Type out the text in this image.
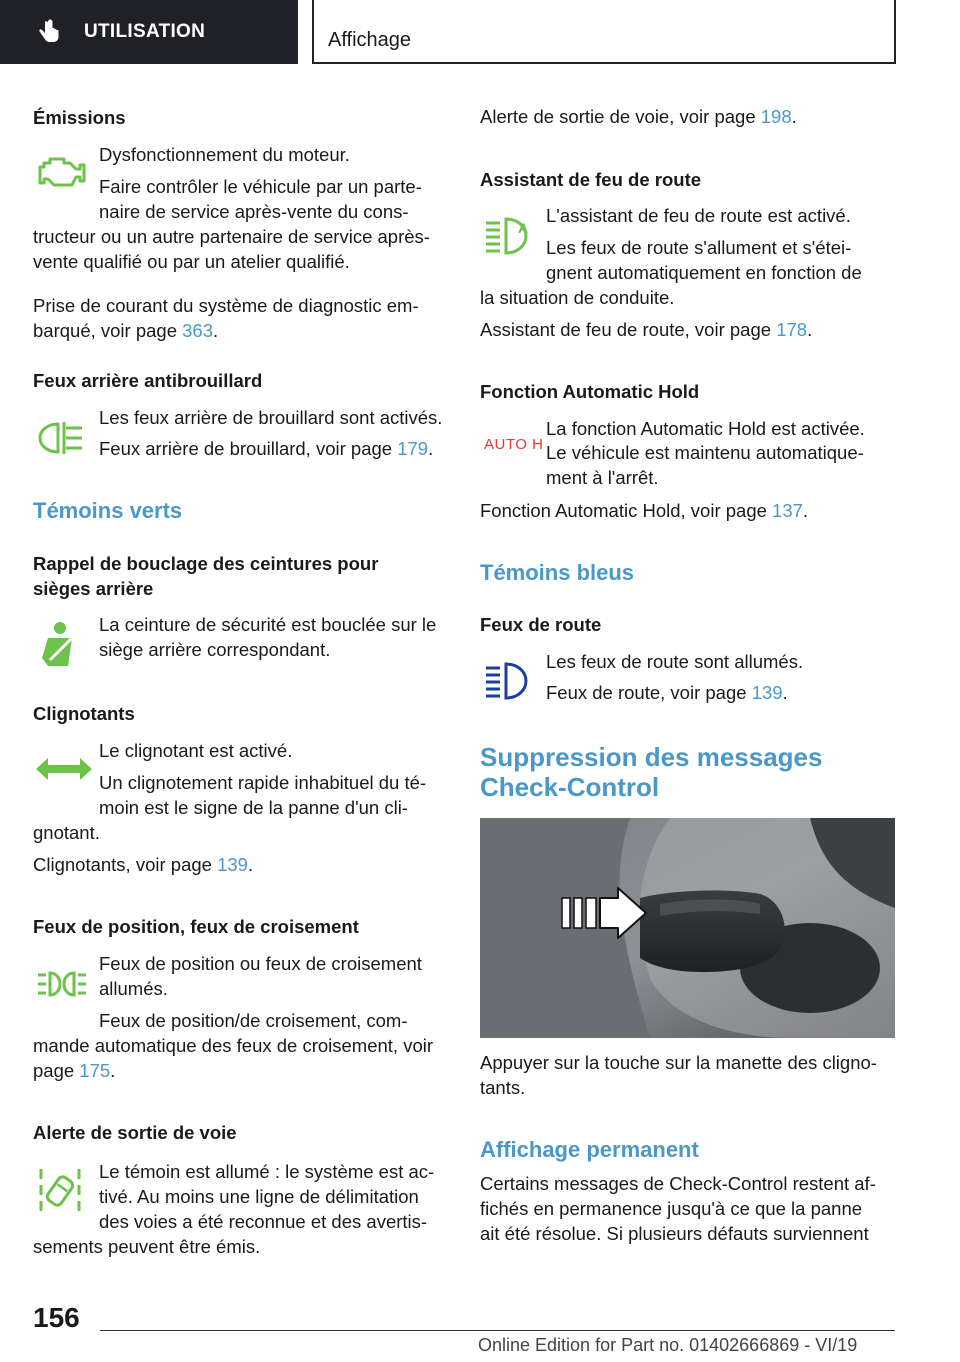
UTILISATION	Affichage
Émissions
Dysfonctionnement du moteur.
Faire contrôler le véhicule par un parte-
naire de service après-vente du cons-
tructeur ou un autre partenaire de service après-
vente qualifié ou par un atelier qualifié.
Prise de courant du système de diagnostic em-
barqué, voir page 363.
Feux arrière antibrouillard
Les feux arrière de brouillard sont activés.
Feux arrière de brouillard, voir page 179.
Témoins verts
Rappel de bouclage des ceintures pour
sièges arrière
La ceinture de sécurité est bouclée sur le
siège arrière correspondant.
Clignotants
Le clignotant est activé.
Un clignotement rapide inhabituel du té-
moin est le signe de la panne d'un cli-
gnotant.
Clignotants, voir page 139.
Feux de position, feux de croisement
Feux de position ou feux de croisement
allumés.
Feux de position/de croisement, com-
mande automatique des feux de croisement, voir
page 175.
Alerte de sortie de voie
Le témoin est allumé : le système est ac-
tivé. Au moins une ligne de délimitation
des voies a été reconnue et des avertis-
sements peuvent être émis.
Alerte de sortie de voie, voir page 198.
Assistant de feu de route
A
L'assistant de feu de route est activé.
Les feux de route s'allument et s'étei-
gnent automatiquement en fonction de
la situation de conduite.
Assistant de feu de route, voir page 178.
Fonction Automatic Hold
AUTO H
La fonction Automatic Hold est activée.
Le véhicule est maintenu automatique-
ment à l'arrêt.
Fonction Automatic Hold, voir page 137.
Témoins bleus
Feux de route
Les feux de route sont allumés.
Feux de route, voir page 139.
Suppression des messages
Check-Control
Appuyer sur la touche sur la manette des cligno-
tants.
Affichage permanent
Certains messages de Check-Control restent af-
fichés en permanence jusqu'à ce que la panne
ait été résolue. Si plusieurs défauts surviennent
156
Online Edition for Part no. 01402666869 - VI/19
